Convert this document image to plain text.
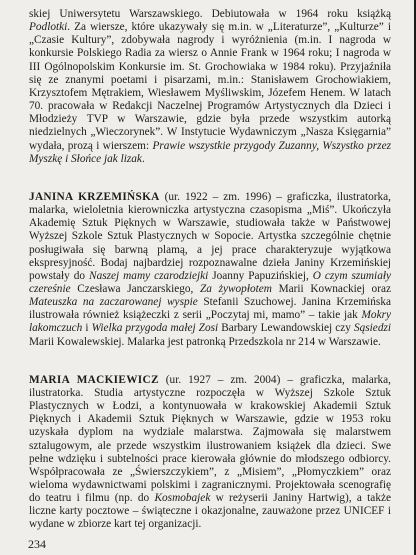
skiej Uniwersytetu Warszawskiego. Debiutowała w 1964 roku książką Podlotki. Za wiersze, które ukazywały się m.in. w „Literaturze”, „Kulturze” i „Czasie Kultury”, zdobywała nagrody i wyróżnienia (m.in. I nagroda w konkursie Polskiego Radia za wiersz o Annie Frank w 1964 roku; I nagroda w III Ogólnopolskim Konkursie im. St. Grochowiaka w 1984 roku). Przyjaźniła się ze znanymi poetami i pisarzami, m.in.: Stanisławem Grochowiakiem, Krzysztofem Mętrakiem, Wiesławem Myśliwskim, Józefem Henem. W latach 70. pracowała w Redakcji Naczelnej Programów Artystycznych dla Dzieci i Młodzieży TVP w Warszawie, gdzie była przede wszystkim autorką niedzielnych „Wieczorynek”. W Instytucie Wydawniczym „Nasza Księgarnia” wydała, prozą i wierszem: Prawie wszystkie przygody Zuzanny, Wszystko przez Myszkę i Słońce jak lizak.

JANINA KRZEMIŃSKA (ur. 1922 – zm. 1996) – graficzka, ilustratorka, malarka, wieloletnia kierowniczka artystyczna czasopisma „Miś”. Ukończyła Akademię Sztuk Pięknych w Warszawie, studiowała także w Państwowej Wyższej Szkole Sztuk Plastycznych w Sopocie. Artystka szczególnie chętnie posługiwała się barwną plamą, a jej prace charakteryzuje wyjątkowa ekspresyjność. Bodaj najbardziej rozpoznawalne dzieła Janiny Krzemińskiej powstały do Naszej mamy czarodziejki Joanny Papuzińskiej, O czym szumiały czereśnie Czesława Janczarskiego, Za żywopłotem Marii Kownackiej oraz Mateuszka na zaczarowanej wyspie Stefanii Szuchowej. Janina Krzemińska ilustrowała również książeczki z serii „Poczytaj mi, mamo” – takie jak Mokry lakomczuch i Wielka przygoda małej Zosi Barbary Lewandowskiej czy Sąsiedzi Marii Kowalewskiej. Malarka jest patronką Przedszkola nr 214 w Warszawie.

MARIA MACKIEWICZ (ur. 1927 – zm. 2004) – graficzka, malarka, ilustratorka. Studia artystyczne rozpoczęła w Wyższej Szkole Sztuk Plastycznych w Łodzi, a kontynuowała w krakowskiej Akademii Sztuk Pięknych i Akademii Sztuk Pięknych w Warszawie, gdzie w 1953 roku uzyskała dyplom na wydziale malarstwa. Zajmowała się malarstwem sztalugowym, ale przede wszystkim ilustrowaniem książek dla dzieci. Swe pełne wdzięku i subtelności prace kierowała głównie do młodszego odbiorcy. Współpracowała ze „Świerszczykiem”, z „Misiem”, „Płomyczkiem” oraz wieloma wydawnictwami polskimi i zagranicznymi. Projektowała scenografię do teatru i filmu (np. do Kosmobajek w reżyserii Janiny Hartwig), a także liczne karty pocztowe – świąteczne i okazjonalne, zauważone przez UNICEF i wydane w zbiorze kart tej organizacji.

234
